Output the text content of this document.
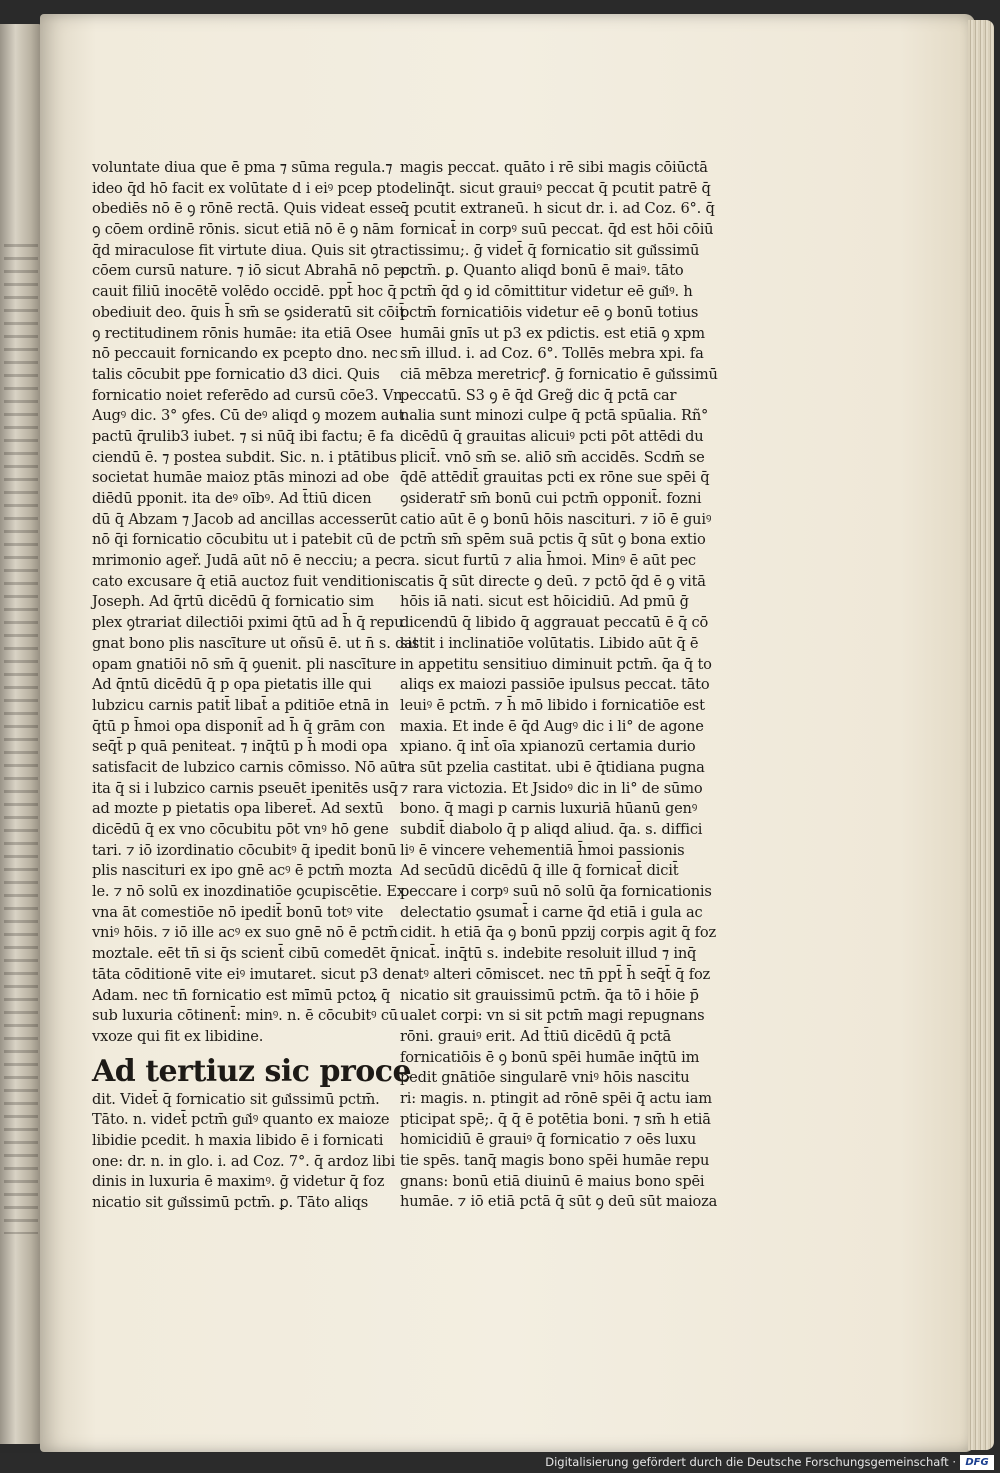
voluntate diua que ē pma ⁊ sūma regula.⁊
ideo q̄d hō facit ex volūtate d i eiꝰ pcep pto
obediēs nō ē ꝯ rōnē rectā. Quis videat esse
ꝯ cōem ordinē rōnis. sicut etiā nō ē ꝯ nām
q̄d miraculose fit virtute diua. Quis sit ꝯtra
cōem cursū nature. ⁊ iō sicut Abrahā nō pec
cauit filiū inocētē volēdo occidē. ppt̄ hoc q̄
obediuit deo. q̄uis h̄ sm̄ se ꝯsideratū sit cōit̄
ꝯ rectitudinem rōnis humāe: ita etiā Osee
nō peccauit fornicando ex pcepto dno. nec
talis cōcubit ppe fornicatio d3 dici. Quis
fornicatio noiet referēdo ad cursū cōe3. Vn
Augꝰ dic. 3° ꝯfes. Cū deꝰ aliqd ꝯ mozem aut
pactū q̄rulib3 iubet. ⁊ si nūq̄ ibi factu; ē fa
ciendū ē. ⁊ postea subdit. Sic. n. i ptātibus
societat humāe maioz ptās minozi ad obe
diēdū pponit. ita deꝰ oībꝰ. Ad t̄tiū dicen
dū q̄ Abzam ⁊ Jacob ad ancillas accesserūt
nō q̄i fornicatio cōcubitu ut i patebit cū de
mrimonio ageř. Judā aūt nō ē necciu; a pec
cato excusare q̄ etiā auctoz fuit venditionis
Joseph. Ad q̄rtū dicēdū q̄ fornicatio sim
plex ꝯtrariat dilectiōi pximi q̄tū ad h̄ q̄ repu
gnat bono plis nascīture ut oñsū ē. ut n̄ s. dat
opam gnatiōi nō sm̄ q̄ ꝯuenit. pli nascīture
Ad q̄ntū dicēdū q̄ p opa pietatis ille qui
lubzicu carnis patit̄ libat̄ a pditiōe etnā in
q̄tū p h̄moi opa disponit̄ ad h̄ q̄ grām con
seq̄t̄ p quā peniteat. ⁊ inq̄tū p h̄ modi opa
satisfacit de lubzico carnis cōmisso. Nō aūt
ita q̄ si i lubzico carnis pseuēt ipenitēs usq̄
ad mozte p pietatis opa liberet̄. Ad sextū
dicēdū q̄ ex vno cōcubitu pōt vnꝰ hō gene
tari. ⁊ iō izordinatio cōcubitꝰ q̄ ipedit bonū
plis nascituri ex ipo gnē acꝰ ē pctm̄ mozta
le. ⁊ nō solū ex inozdinatiōe ꝯcupiscētie. Ex
vna āt comestiōe nō ipedit̄ bonū totꝰ vite
vniꝰ hōis. ⁊ iō ille acꝰ ex suo gnē nō ē pctm̄
moztale. eēt tn̄ si q̄s scient̄ cibū comedēt q̄
tāta cōditionē vite eiꝰ imutaret. sicut p3 de
Adam. nec tn̄ fornicatio est mīmū pctoꝝ q̄
sub luxuria cōtinent̄: minꝰ. n. ē cōcubitꝰ cū
vxoze qui fit ex libidine.
Ad tertiuz sic proce
dit. Videt̄ q̄ fornicatio sit gu͂issimū pctm̄.
Tāto. n. videt̄ pctm̄ gu͂iꝰ quanto ex maioze
libidie pcedit. h maxia libido ē i fornicati
one: dr. n. in glo. i. ad Coz. 7°. q̄ ardoz libi
dinis in luxuria ē maximꝰ. ḡ videtur q̄ foz
nicatio sit gu͂issimū pctm̄. ꝑ. Tāto aliqs
magis peccat. quāto i rē sibi magis cōiūctā
delinq̄t. sicut grauiꝰ peccat q̄ pcutit patrē q̄
q̄ pcutit extraneū. h sicut dr. i. ad Coz. 6°. q̄
fornicat̄ in corpꝰ suū peccat. q̄d est hōi cōiū
ctissimu;. ḡ videt̄ q̄ fornicatio sit gu͂issimū
pctm̄. ꝑ. Quanto aliqd bonū ē maiꝰ. tāto
pctm̄ q̄d ꝯ id cōmittitur videtur eē gu͂iꝰ. h
pctm̄ fornicatiōis videtur eē ꝯ bonū totius
humāi gnīs ut p3 ex pdictis. est etiā ꝯ xpm
sm̄ illud. i. ad Coz. 6°. Tollēs mebra xpi. fa
ciā mēbza meretricꝭ. ḡ fornicatio ē gu͂issimū
peccatū. S3 ꝯ ē q̄d Greg̃ dic q̄ pctā car
nalia sunt minozi culpe q̄ pctā spūalia. Rñ°
dicēdū q̄ grauitas alicuiꝰ pcti pōt attēdi du
plicit̄. vnō sm̄ se. aliō sm̄ accidēs. Scdm̄ se
q̄dē attēdit̄ grauitas pcti ex rōne sue spēi q̄
ꝯsideratr̄ sm̄ bonū cui pctm̄ opponit̄. fozni
catio aūt ē ꝯ bonū hōis nascituri. ⁊ iō ē guiꝰ
pctm̄ sm̄ spēm suā pctis q̄ sūt ꝯ bona extio
ra. sicut furtū ⁊ alia h̄moi. Minꝰ ē aūt pec
catis q̄ sūt directe ꝯ deū. ⁊ pctō q̄d ē ꝯ vitā
hōis iā nati. sicut est hōicidiū. Ad pmū ḡ
dicendū q̄ libido q̄ aggrauat peccatū ē q̄ cō
sistit i inclinatiōe volūtatis. Libido aūt q̄ ē
in appetitu sensitiuo diminuit pctm̄. q̄a q̄ to
aliqs ex maiozi passiōe ipulsus peccat. tāto
leuiꝰ ē pctm̄. ⁊ h̄ mō libido i fornicatiōe est
maxia. Et inde ē q̄d Augꝰ dic i li° de agone
xpiano. q̄ int̄ oīa xpianozū certamia durio
ra sūt pzelia castitat. ubi ē q̄tidiana pugna
⁊ rara victozia. Et Jsidoꝰ dic in li° de sūmo
bono. q̄ magi p carnis luxuriā hūanū genꝰ
subdit̄ diabolo q̄ p aliqd aliud. q̄a. s. diffici
liꝰ ē vincere vehementiā h̄moi passionis
Ad secūdū dicēdū q̄ ille q̄ fornicat̄ dicit̄
peccare i corpꝰ suū nō solū q̄a fornicationis
delectatio ꝯsumat̄ i carne q̄d etiā i gula ac
cidit. h etiā q̄a ꝯ bonū ppzij corpis agit q̄ foz
nicat̄. inq̄tū s. indebite resoluit illud ⁊ inq̄
natꝰ alteri cōmiscet. nec tn̄ ppt̄ h̄ seq̄t̄ q̄ foz
nicatio sit grauissimū pctm̄. q̄a tō i hōie p̄
ualet corpi: vn si sit pctm̄ magi repugnans
rōni. grauiꝰ erit. Ad t̄tiū dicēdū q̄ pctā
fornicatiōis ē ꝯ bonū spēi humāe inq̄tū im
pedit gnātiōe singularē vniꝰ hōis nascitu
ri: magis. n. ptingit ad rōnē spēi q̄ actu iam
pticipat spē;. q̄ q̄ ē potētia boni. ⁊ sm̄ h etiā
homicidiū ē grauiꝰ q̄ fornicatio ⁊ oēs luxu
tie spēs. tanq̄ magis bono spēi humāe repu
gnans: bonū etiā diuinū ē maius bono spēi
humāe. ⁊ iō etiā pctā q̄ sūt ꝯ deū sūt maioza
Digitalisierung gefördert durch die Deutsche Forschungsgemeinschaft · DFG
